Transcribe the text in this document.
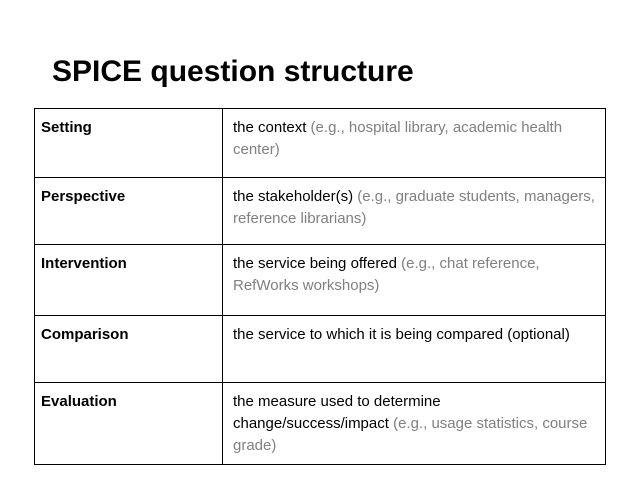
SPICE question structure
Setting	the context (e.g., hospital library, academic health center)
Perspective	the stakeholder(s) (e.g., graduate students, managers, reference librarians)
Intervention	the service being offered (e.g., chat reference, RefWorks workshops)
Comparison	the service to which it is being compared (optional)
Evaluation	the measure used to determine change/success/impact (e.g., usage statistics, course grade)
